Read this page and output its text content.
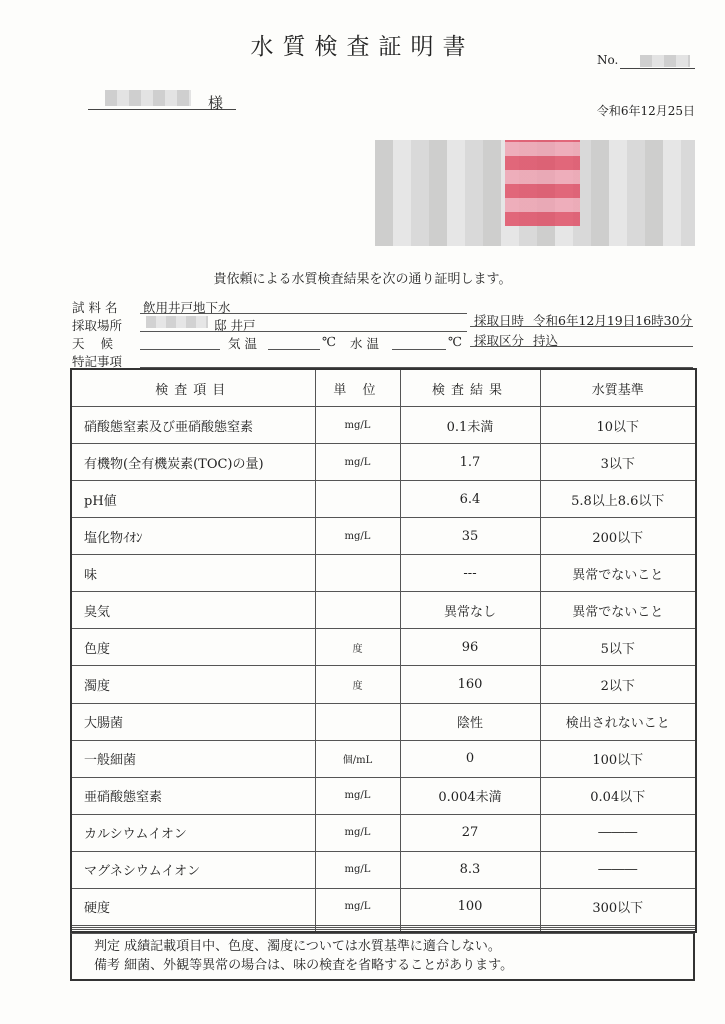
水質検査証明書	No.
様	令和6年12月25日
貴依頼による水質検査結果を次の通り証明します。
試 料 名 飲用井戸地下水
採取場所	邸 井戸	採取日時 令和6年12月19日16時30分
天 候	気 温	℃ 水 温	℃ 採取区分 持込
特記事項
検査項目	単 位	検査結果	水質基準
硝酸態窒素及び亜硝酸態窒素	mg/L	0.1未満	10以下
有機物(全有機炭素(TOC)の量)	mg/L	1.7	3以下
pH値		6.4	5.8以上8.6以下
塩化物ｲｵﾝ	mg/L	35	200以下
味		---	異常でないこと
臭気		異常なし	異常でないこと
色度	度	96	5以下
濁度	度	160	2以下
大腸菌		陰性	検出されないこと
一般細菌	個/mL	0	100以下
亜硝酸態窒素	mg/L	0.004未満	0.04以下
カルシウムイオン	mg/L	27	―――
マグネシウムイオン	mg/L	8.3	―――
硬度	mg/L	100	300以下

判定 成績記載項目中、色度、濁度については水質基準に適合しない。
備考 細菌、外観等異常の場合は、味の検査を省略することがあります。
